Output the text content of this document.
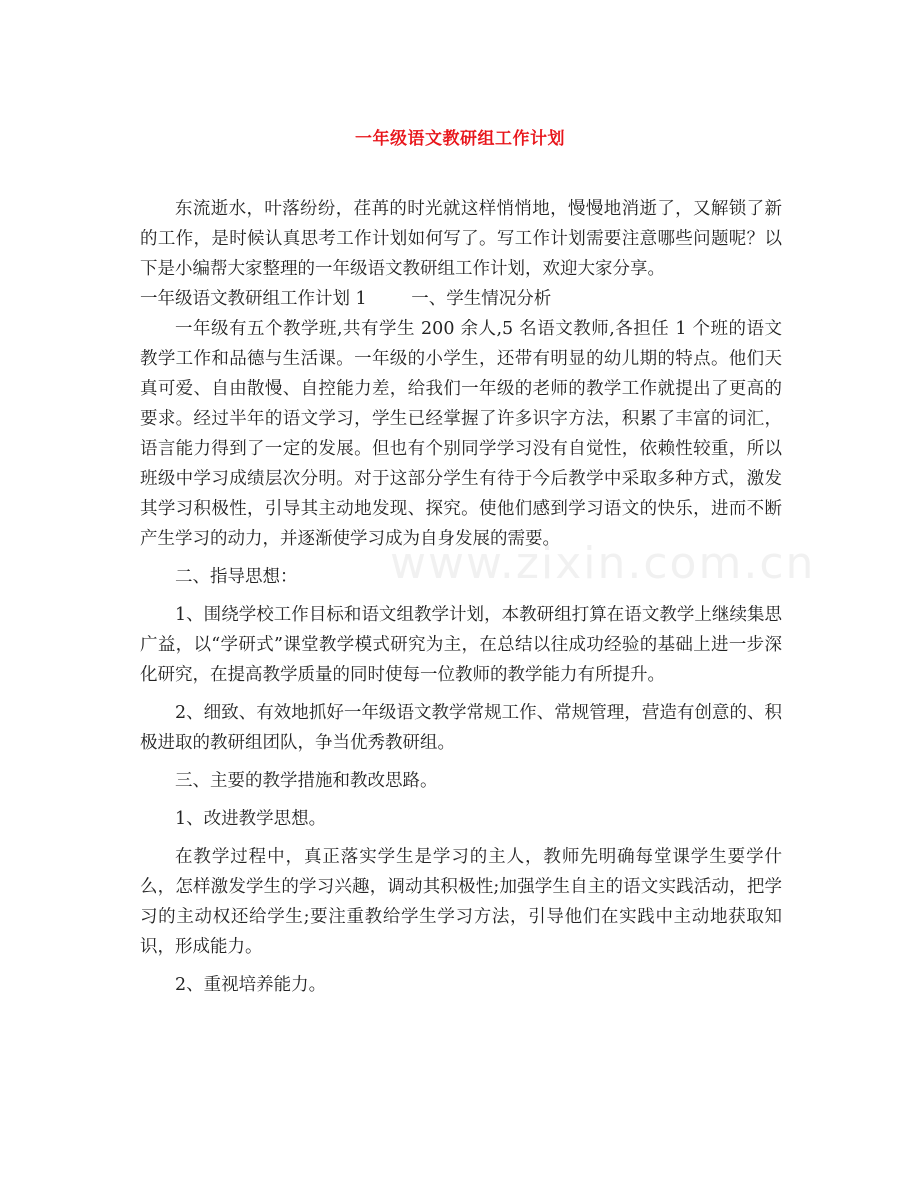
一年级语文教研组工作计划
www.zixin.com.cn

东流逝水，叶落纷纷，荏苒的时光就这样悄悄地，慢慢地消逝了，又解锁了新的工作，是时候认真思考工作计划如何写了。写工作计划需要注意哪些问题呢？以下是小编帮大家整理的一年级语文教研组工作计划，欢迎大家分享。

一年级语文教研组工作计划 1	一、学生情况分析

一年级有五个教学班,共有学生 200 余人,5 名语文教师,各担任 1 个班的语文教学工作和品德与生活课。一年级的小学生，还带有明显的幼儿期的特点。他们天真可爱、自由散慢、自控能力差，给我们一年级的老师的教学工作就提出了更高的要求。经过半年的语文学习，学生已经掌握了许多识字方法，积累了丰富的词汇，语言能力得到了一定的发展。但也有个别同学学习没有自觉性，依赖性较重，所以班级中学习成绩层次分明。对于这部分学生有待于今后教学中采取多种方式，激发其学习积极性，引导其主动地发现、探究。使他们感到学习语文的快乐，进而不断产生学习的动力，并逐渐使学习成为自身发展的需要。

二、指导思想：

1、围绕学校工作目标和语文组教学计划，本教研组打算在语文教学上继续集思广益，以“学研式”课堂教学模式研究为主，在总结以往成功经验的基础上进一步深化研究，在提高教学质量的同时使每一位教师的教学能力有所提升。

2、细致、有效地抓好一年级语文教学常规工作、常规管理，营造有创意的、积极进取的教研组团队，争当优秀教研组。

三、主要的教学措施和教改思路。

1、改进教学思想。

在教学过程中，真正落实学生是学习的主人，教师先明确每堂课学生要学什么，怎样激发学生的学习兴趣，调动其积极性;加强学生自主的语文实践活动，把学习的主动权还给学生;要注重教给学生学习方法，引导他们在实践中主动地获取知识，形成能力。

2、重视培养能力。
